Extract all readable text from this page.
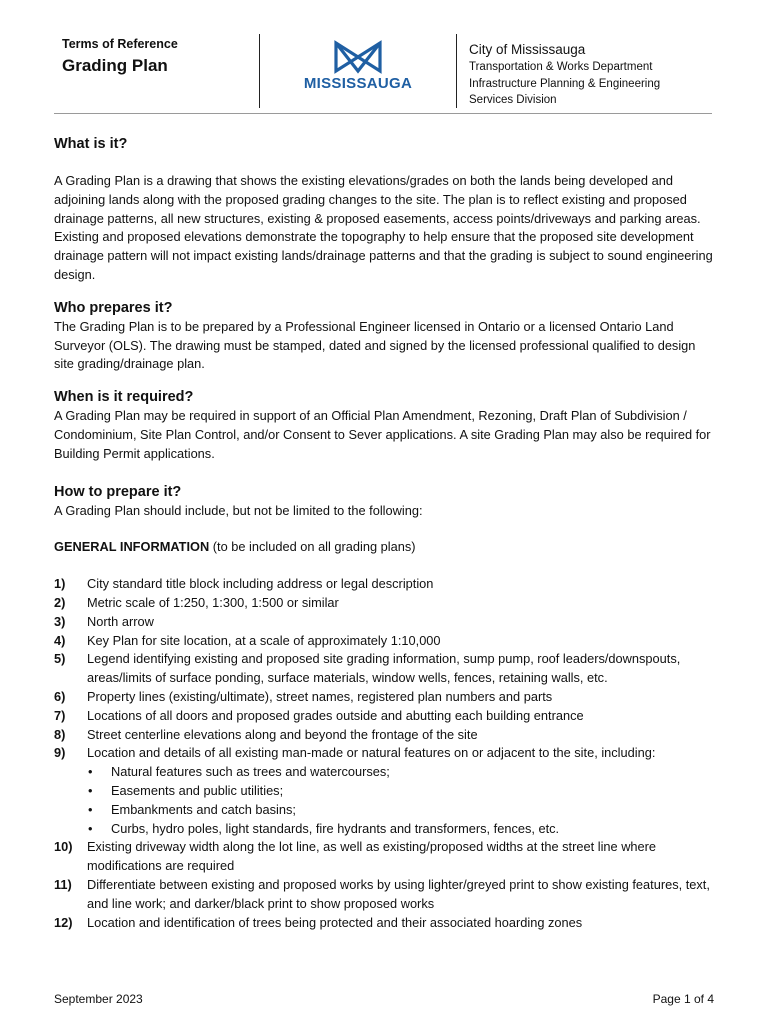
Terms of Reference
Grading Plan
MISSISSAUGA
City of Mississauga
Transportation & Works Department
Infrastructure Planning & Engineering
Services Division
What is it?

A Grading Plan is a drawing that shows the existing elevations/grades on both the lands being developed and adjoining lands along with the proposed grading changes to the site. The plan is to reflect existing and proposed drainage patterns, all new structures, existing & proposed easements, access points/driveways and parking areas. Existing and proposed elevations demonstrate the topography to help ensure that the proposed site development drainage pattern will not impact existing lands/drainage patterns and that the grading is subject to sound engineering design.

Who prepares it?

The Grading Plan is to be prepared by a Professional Engineer licensed in Ontario or a licensed Ontario Land Surveyor (OLS). The drawing must be stamped, dated and signed by the licensed professional qualified to design site grading/drainage plan.

When is it required?

A Grading Plan may be required in support of an Official Plan Amendment, Rezoning, Draft Plan of Subdivision / Condominium, Site Plan Control, and/or Consent to Sever applications. A site Grading Plan may also be required for Building Permit applications.

How to prepare it?

A Grading Plan should include, but not be limited to the following:

GENERAL INFORMATION (to be included on all grading plans)

1) City standard title block including address or legal description
2) Metric scale of 1:250, 1:300, 1:500 or similar
3) North arrow
4) Key Plan for site location, at a scale of approximately 1:10,000
5) Legend identifying existing and proposed site grading information, sump pump, roof leaders/downspouts, areas/limits of surface ponding, surface materials, window wells, fences, retaining walls, etc.
6) Property lines (existing/ultimate), street names, registered plan numbers and parts
7) Locations of all doors and proposed grades outside and abutting each building entrance
8) Street centerline elevations along and beyond the frontage of the site
9) Location and details of all existing man-made or natural features on or adjacent to the site, including:
• Natural features such as trees and watercourses;
• Easements and public utilities;
• Embankments and catch basins;
• Curbs, hydro poles, light standards, fire hydrants and transformers, fences, etc.
10) Existing driveway width along the lot line, as well as existing/proposed widths at the street line where modifications are required
11) Differentiate between existing and proposed works by using lighter/greyed print to show existing features, text, and line work; and darker/black print to show proposed works
12) Location and identification of trees being protected and their associated hoarding zones
September 2023	Page 1 of 4
